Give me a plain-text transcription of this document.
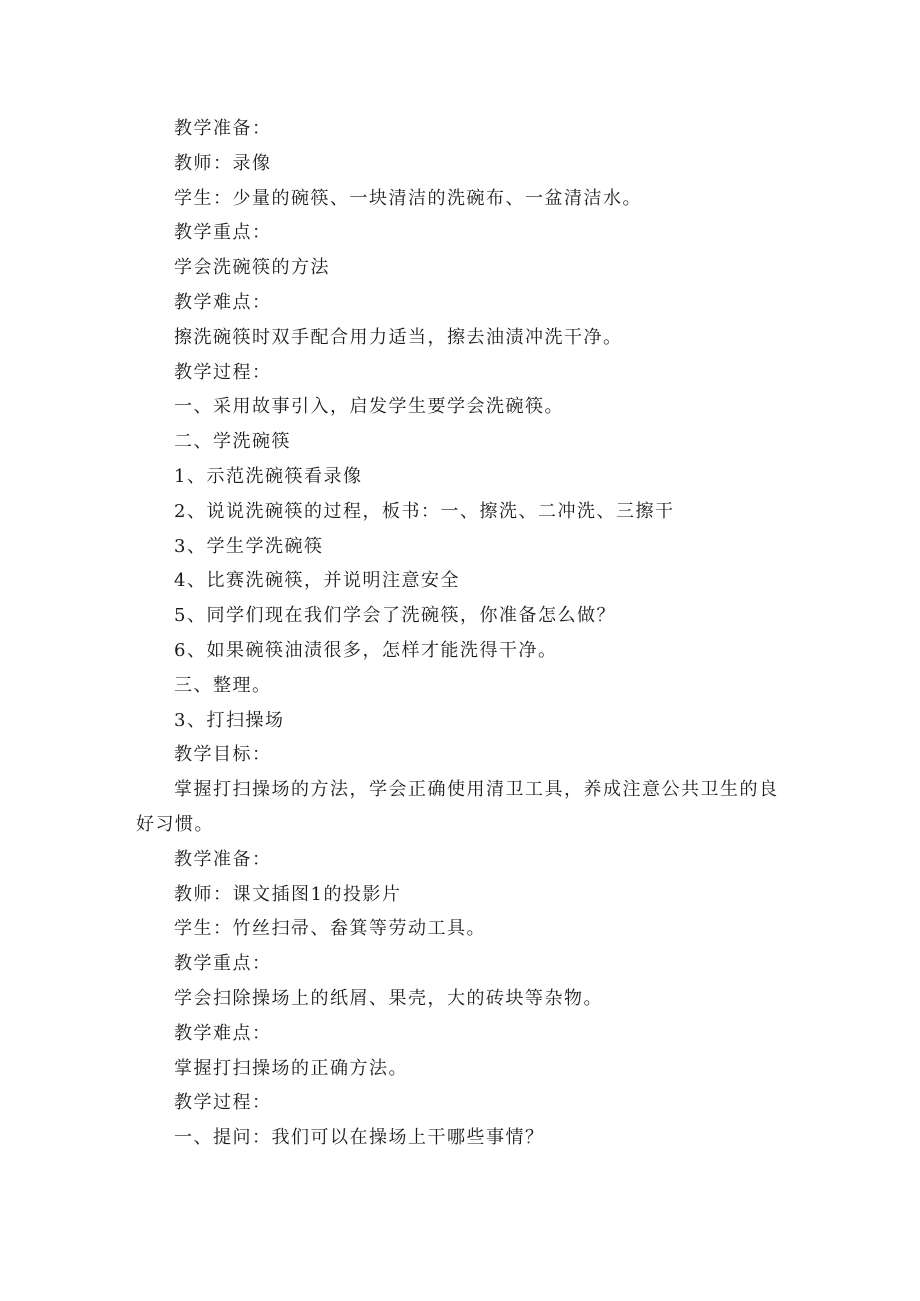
教学准备：

教师：录像

学生：少量的碗筷、一块清洁的洗碗布、一盆清洁水。

教学重点：

学会洗碗筷的方法

教学难点：

擦洗碗筷时双手配合用力适当，擦去油渍冲洗干净。

教学过程：

一、采用故事引入，启发学生要学会洗碗筷。

二、学洗碗筷

1、示范洗碗筷看录像

2、说说洗碗筷的过程，板书：一、擦洗、二冲洗、三擦干

3、学生学洗碗筷

4、比赛洗碗筷，并说明注意安全

5、同学们现在我们学会了洗碗筷，你准备怎么做？

6、如果碗筷油渍很多，怎样才能洗得干净。

三、整理。

3、打扫操场

教学目标：

掌握打扫操场的方法，学会正确使用清卫工具，养成注意公共卫生的良好习惯。

教学准备：

教师：课文插图1的投影片

学生：竹丝扫帚、畚箕等劳动工具。

教学重点：

学会扫除操场上的纸屑、果壳，大的砖块等杂物。

教学难点：

掌握打扫操场的正确方法。

教学过程：

一、提问：我们可以在操场上干哪些事情？
